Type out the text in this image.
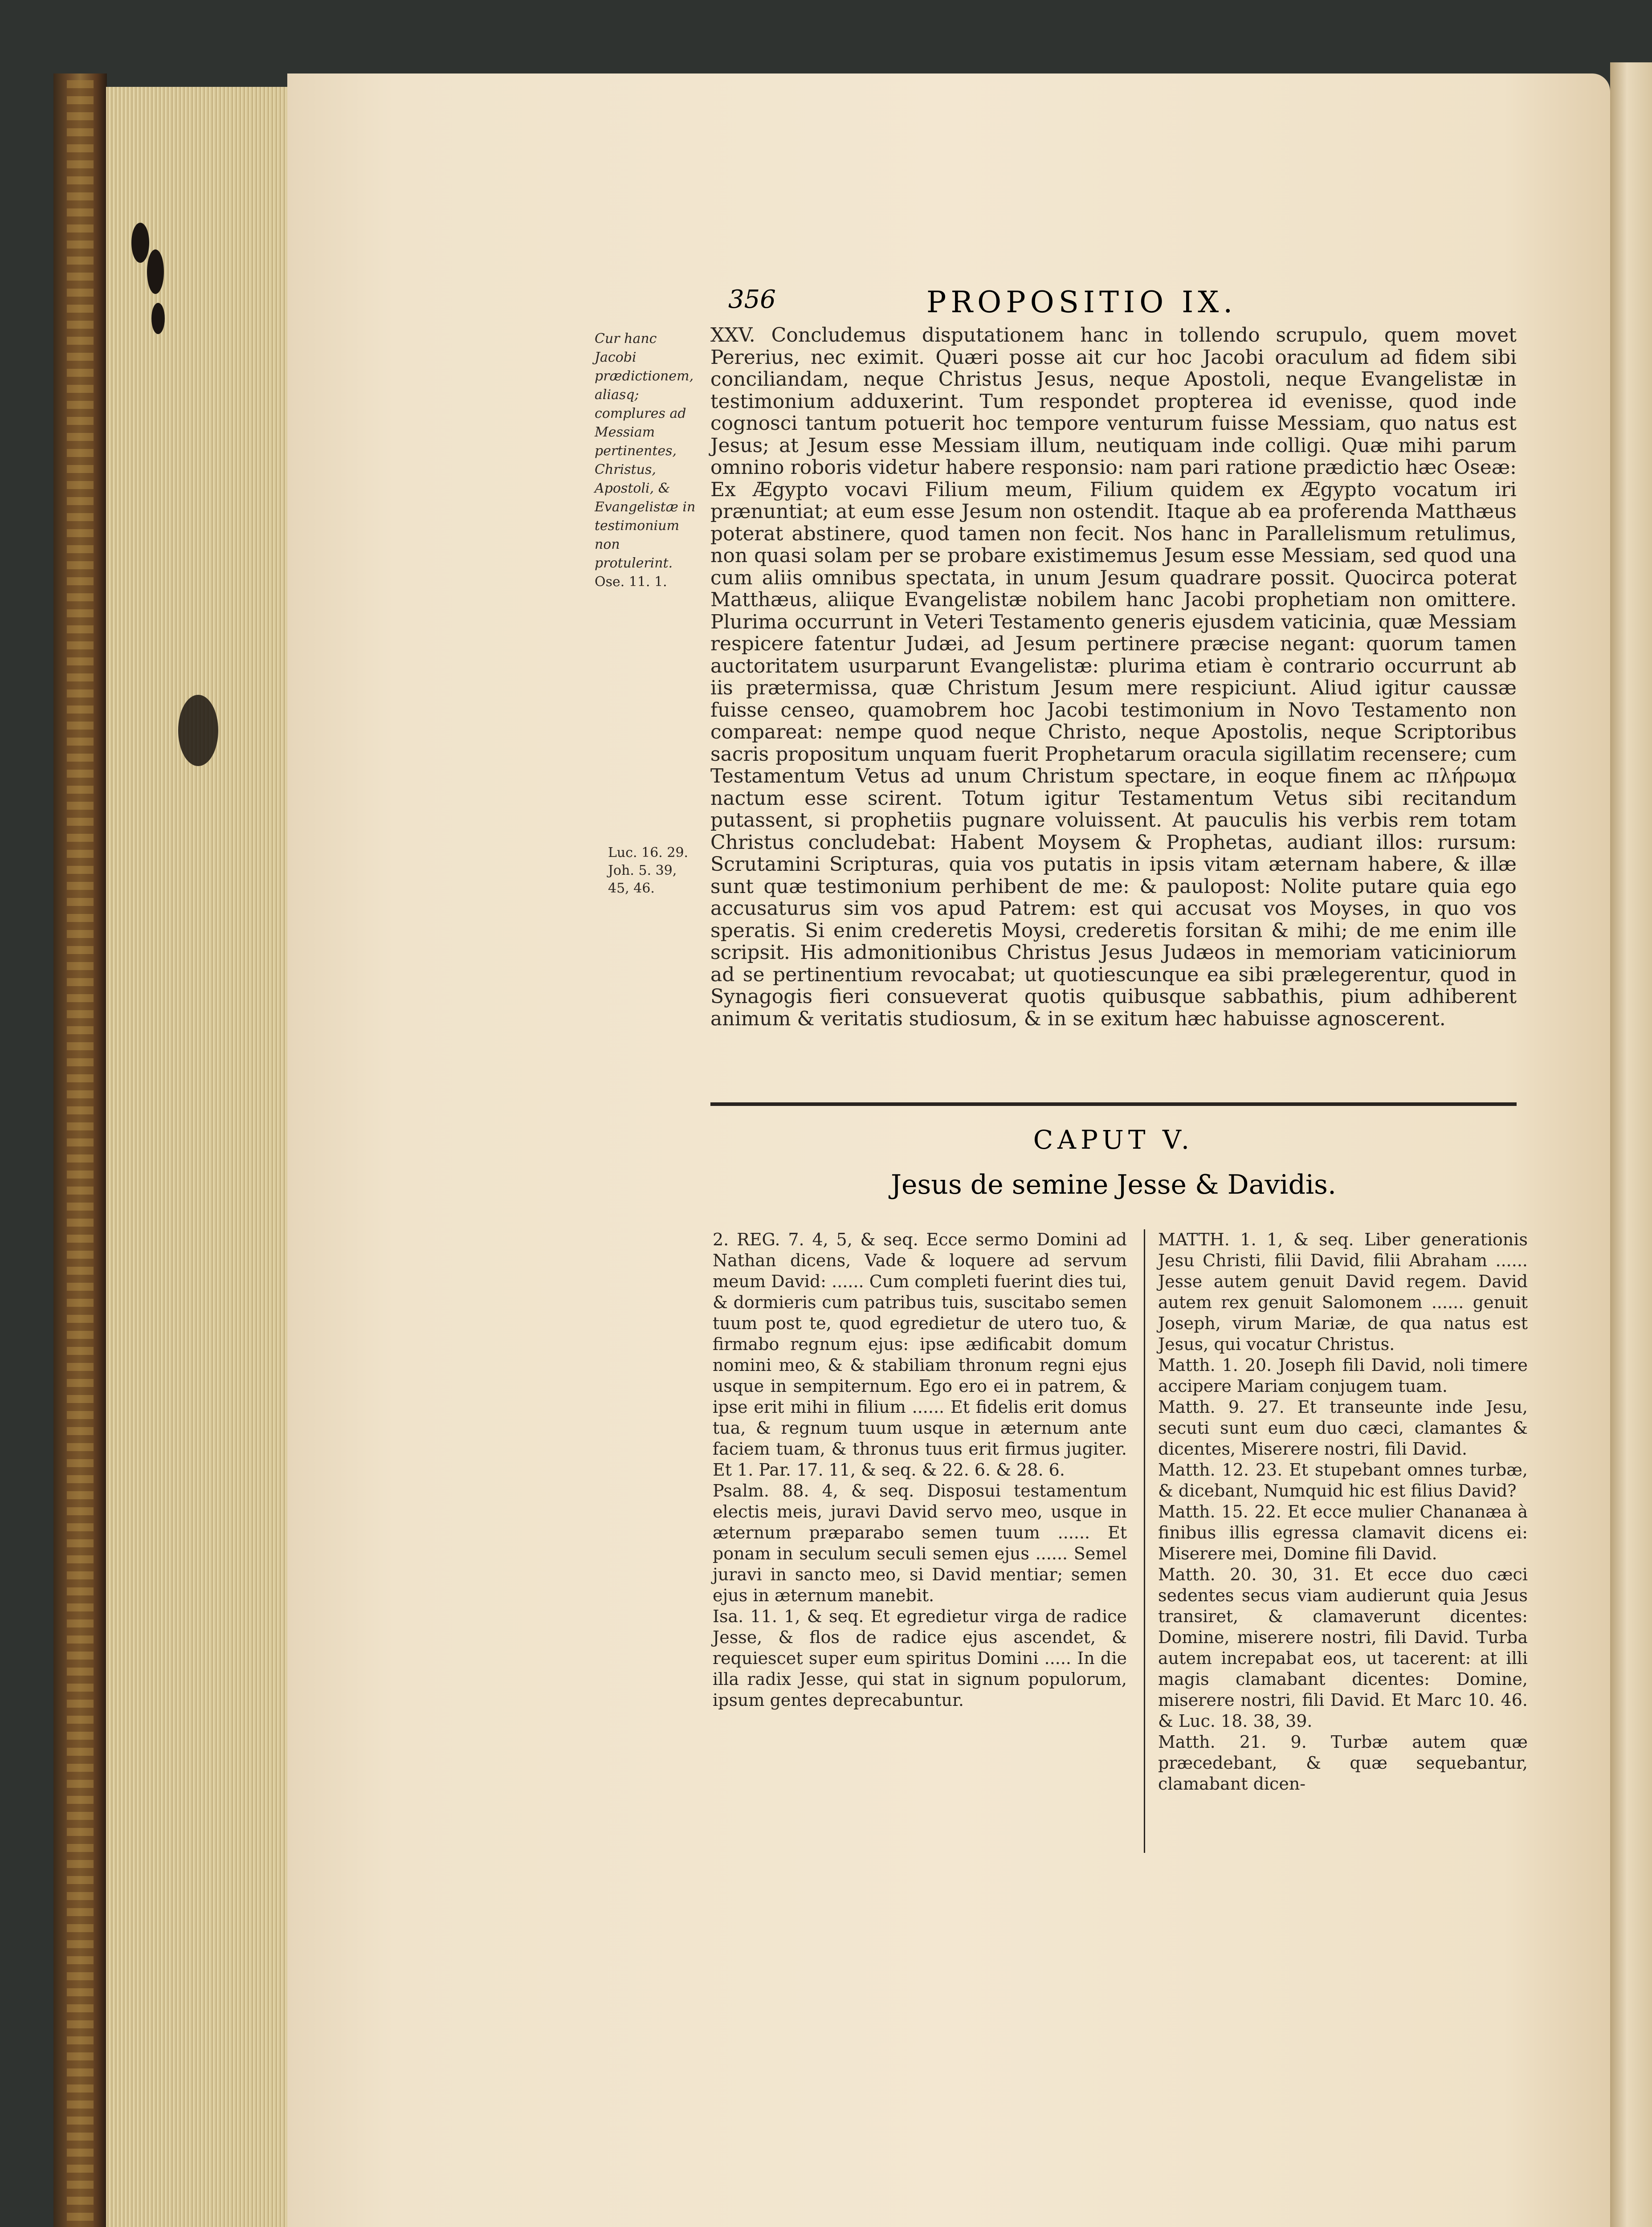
356	PROPOSITIO IX.
Cur hanc Jacobi prædictionem, aliasq; complures ad Messiam pertinentes, Christus, Apostoli, & Evangelistæ in testimonium non protulerint.
Ose. 11. 1.
Luc. 16. 29.
Joh. 5. 39, 45, 46.
XXV. Concludemus disputationem hanc in tollendo scrupulo, quem movet Pererius, nec eximit. Quæri posse ait cur hoc Jacobi oraculum ad fidem sibi conciliandam, neque Christus Jesus, neque Apostoli, neque Evangelistæ in testimonium adduxerint. Tum respondet propterea id evenisse, quod inde cognosci tantum potuerit hoc tempore venturum fuisse Messiam, quo natus est Jesus; at Jesum esse Messiam illum, neutiquam inde colligi. Quæ mihi parum omnino roboris videtur habere responsio: nam pari ratione prædictio hæc Oseæ: Ex Ægypto vocavi Filium meum, Filium quidem ex Ægypto vocatum iri prænuntiat; at eum esse Jesum non ostendit. Itaque ab ea proferenda Matthæus poterat abstinere, quod tamen non fecit. Nos hanc in Parallelismum retulimus, non quasi solam per se probare existimemus Jesum esse Messiam, sed quod una cum aliis omnibus spectata, in unum Jesum quadrare possit. Quocirca poterat Matthæus, aliique Evangelistæ nobilem hanc Jacobi prophetiam non omittere. Plurima occurrunt in Veteri Testamento generis ejusdem vaticinia, quæ Messiam respicere fatentur Judæi, ad Jesum pertinere præcise negant: quorum tamen auctoritatem usurparunt Evangelistæ: plurima etiam è contrario occurrunt ab iis prætermissa, quæ Christum Jesum mere respiciunt. Aliud igitur caussæ fuisse censeo, quamobrem hoc Jacobi testimonium in Novo Testamento non compareat: nempe quod neque Christo, neque Apostolis, neque Scriptoribus sacris propositum unquam fuerit Prophetarum oracula sigillatim recensere; cum Testamentum Vetus ad unum Christum spectare, in eoque finem ac πλήρωμα nactum esse scirent. Totum igitur Testamentum Vetus sibi recitandum putassent, si prophetiis pugnare voluissent. At pauculis his verbis rem totam Christus concludebat: Habent Moysem & Prophetas, audiant illos: rursum: Scrutamini Scripturas, quia vos putatis in ipsis vitam æternam habere, & illæ sunt quæ testimonium perhibent de me: & paulopost: Nolite putare quia ego accusaturus sim vos apud Patrem: est qui accusat vos Moyses, in quo vos speratis. Si enim crederetis Moysi, crederetis forsitan & mihi; de me enim ille scripsit. His admonitionibus Christus Jesus Judæos in memoriam vaticiniorum ad se pertinentium revocabat; ut quotiescunque ea sibi prælegerentur, quod in Synagogis fieri consueverat quotis quibusque sabbathis, pium adhiberent animum & veritatis studiosum, & in se exitum hæc habuisse agnoscerent.
CAPUT V.
Jesus de semine Jesse & Davidis.

2. REG. 7. 4, 5, & seq. Ecce sermo Domini ad Nathan dicens, Vade & loquere ad servum meum David: ...... Cum completi fuerint dies tui, & dormieris cum patribus tuis, suscitabo semen tuum post te, quod egredietur de utero tuo, & firmabo regnum ejus: ipse ædificabit domum nomini meo, & & stabiliam thronum regni ejus usque in sempiternum. Ego ero ei in patrem, & ipse erit mihi in filium ...... Et fidelis erit domus tua, & regnum tuum usque in æternum ante faciem tuam, & thronus tuus erit firmus jugiter. Et 1. Par. 17. 11, & seq. & 22. 6. & 28. 6.

Psalm. 88. 4, & seq. Disposui testamentum electis meis, juravi David servo meo, usque in æternum præparabo semen tuum ...... Et ponam in seculum seculi semen ejus ...... Semel juravi in sancto meo, si David mentiar; semen ejus in æternum manebit.

Isa. 11. 1, & seq. Et egredietur virga de radice Jesse, & flos de radice ejus ascendet, & requiescet super eum spiritus Domini ..... In die illa radix Jesse, qui stat in signum populorum, ipsum gentes deprecabuntur.

MATTH. 1. 1, & seq. Liber generationis Jesu Christi, filii David, filii Abraham ...... Jesse autem genuit David regem. David autem rex genuit Salomonem ...... genuit Joseph, virum Mariæ, de qua natus est Jesus, qui vocatur Christus.

Matth. 1. 20. Joseph fili David, noli timere accipere Mariam conjugem tuam.

Matth. 9. 27. Et transeunte inde Jesu, secuti sunt eum duo cæci, clamantes & dicentes, Miserere nostri, fili David.

Matth. 12. 23. Et stupebant omnes turbæ, & dicebant, Numquid hic est filius David?

Matth. 15. 22. Et ecce mulier Chananæa à finibus illis egressa clamavit dicens ei: Miserere mei, Domine fili David.

Matth. 20. 30, 31. Et ecce duo cæci sedentes secus viam audierunt quia Jesus transiret, & clamaverunt dicentes: Domine, miserere nostri, fili David. Turba autem increpabat eos, ut tacerent: at illi magis clamabant dicentes: Domine, miserere nostri, fili David. Et Marc 10. 46. & Luc. 18. 38, 39.

Matth. 21. 9. Turbæ autem quæ præcedebant, & quæ sequebantur, clamabant dicen-
